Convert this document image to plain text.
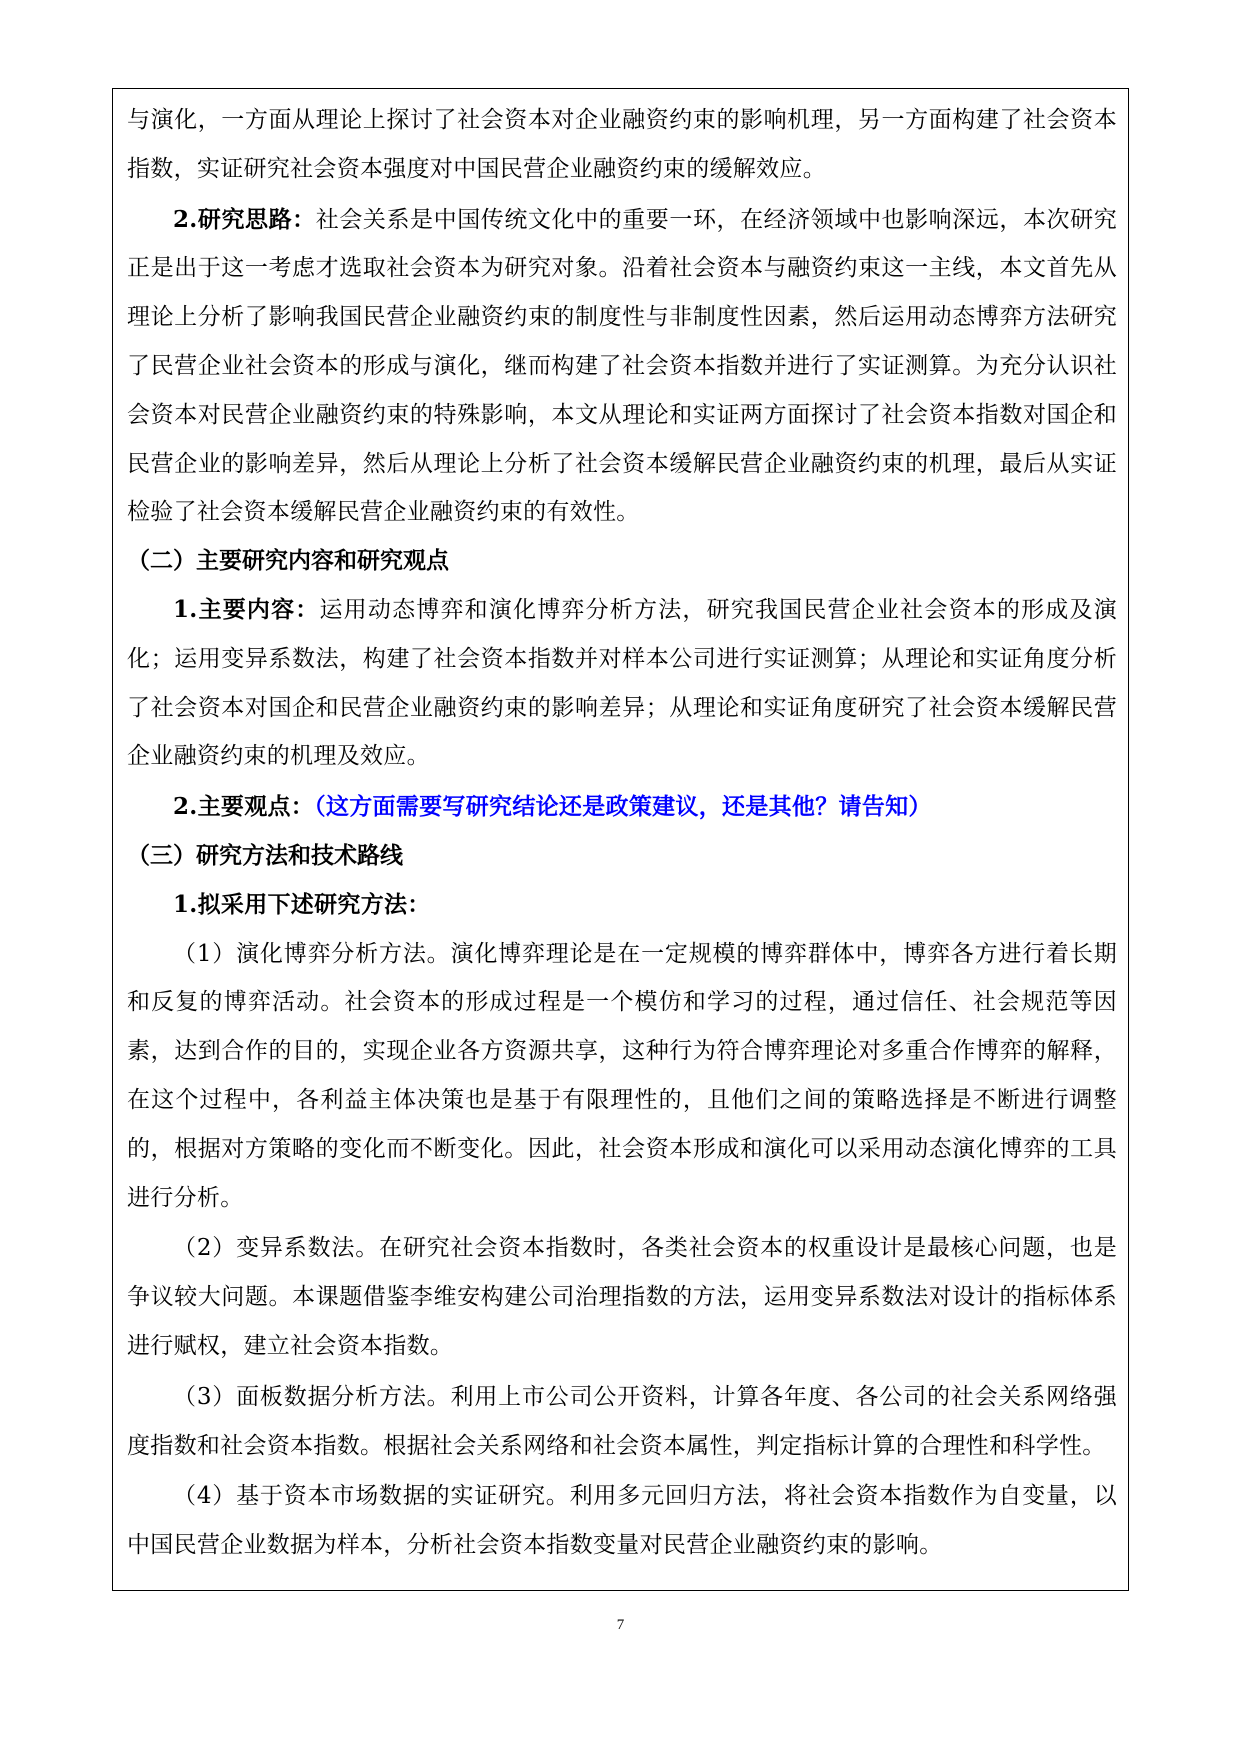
与演化，一方面从理论上探讨了社会资本对企业融资约束的影响机理，另一方面构建了社会资本指数，实证研究社会资本强度对中国民营企业融资约束的缓解效应。

2.研究思路：社会关系是中国传统文化中的重要一环，在经济领域中也影响深远，本次研究正是出于这一考虑才选取社会资本为研究对象。沿着社会资本与融资约束这一主线，本文首先从理论上分析了影响我国民营企业融资约束的制度性与非制度性因素，然后运用动态博弈方法研究了民营企业社会资本的形成与演化，继而构建了社会资本指数并进行了实证测算。为充分认识社会资本对民营企业融资约束的特殊影响，本文从理论和实证两方面探讨了社会资本指数对国企和民营企业的影响差异，然后从理论上分析了社会资本缓解民营企业融资约束的机理，最后从实证检验了社会资本缓解民营企业融资约束的有效性。

（二）主要研究内容和研究观点

1.主要内容：运用动态博弈和演化博弈分析方法，研究我国民营企业社会资本的形成及演化；运用变异系数法，构建了社会资本指数并对样本公司进行实证测算；从理论和实证角度分析了社会资本对国企和民营企业融资约束的影响差异；从理论和实证角度研究了社会资本缓解民营企业融资约束的机理及效应。

2.主要观点：（这方面需要写研究结论还是政策建议，还是其他？请告知）

（三）研究方法和技术路线

1.拟采用下述研究方法：

（1）演化博弈分析方法。演化博弈理论是在一定规模的博弈群体中，博弈各方进行着长期和反复的博弈活动。社会资本的形成过程是一个模仿和学习的过程，通过信任、社会规范等因素，达到合作的目的，实现企业各方资源共享，这种行为符合博弈理论对多重合作博弈的解释，在这个过程中，各利益主体决策也是基于有限理性的，且他们之间的策略选择是不断进行调整的，根据对方策略的变化而不断变化。因此，社会资本形成和演化可以采用动态演化博弈的工具进行分析。

（2）变异系数法。在研究社会资本指数时，各类社会资本的权重设计是最核心问题，也是争议较大问题。本课题借鉴李维安构建公司治理指数的方法，运用变异系数法对设计的指标体系进行赋权，建立社会资本指数。

（3）面板数据分析方法。利用上市公司公开资料，计算各年度、各公司的社会关系网络强度指数和社会资本指数。根据社会关系网络和社会资本属性，判定指标计算的合理性和科学性。

（4）基于资本市场数据的实证研究。利用多元回归方法，将社会资本指数作为自变量，以中国民营企业数据为样本，分析社会资本指数变量对民营企业融资约束的影响。

7
